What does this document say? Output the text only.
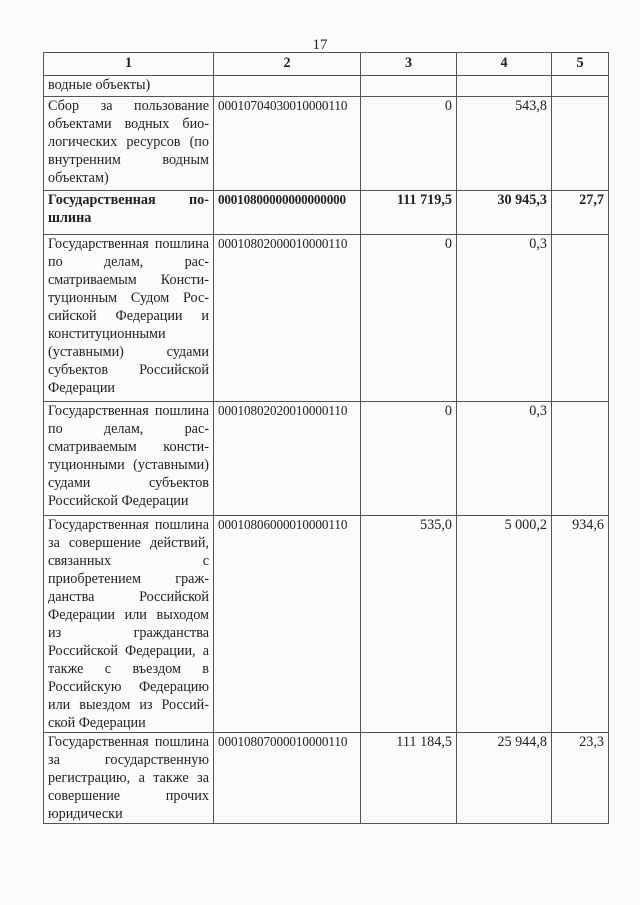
17
1	2	3	4	5
водные объекты)				
Сбор за пользование объектами водных биологических ресурсов (по внутренним водным объектам)	00010704030010000110	0	543,8	
Государственная пошлина	00010800000000000000	111 719,5	30 945,3	27,7
Государственная пошлина по делам, рассматриваемым Конституционным Судом Российской Федерации и конституционными (уставными) судами субъектов Российской Федерации	00010802000010000110	0	0,3	
Государственная пошлина по делам, рассматриваемым конституционными (уставными) судами субъектов Российской Федерации	00010802020010000110	0	0,3	
Государственная пошлина за совершение действий, связанных с приобретением гражданства Российской Федерации или выходом из гражданства Российской Федерации, а также с въездом в Российскую Федерацию или выездом из Российской Федерации	00010806000010000110	535,0	5 000,2	934,6
Государственная пошлина за государственную регистрацию, а также за совершение прочих юридически	00010807000010000110	111 184,5	25 944,8	23,3
